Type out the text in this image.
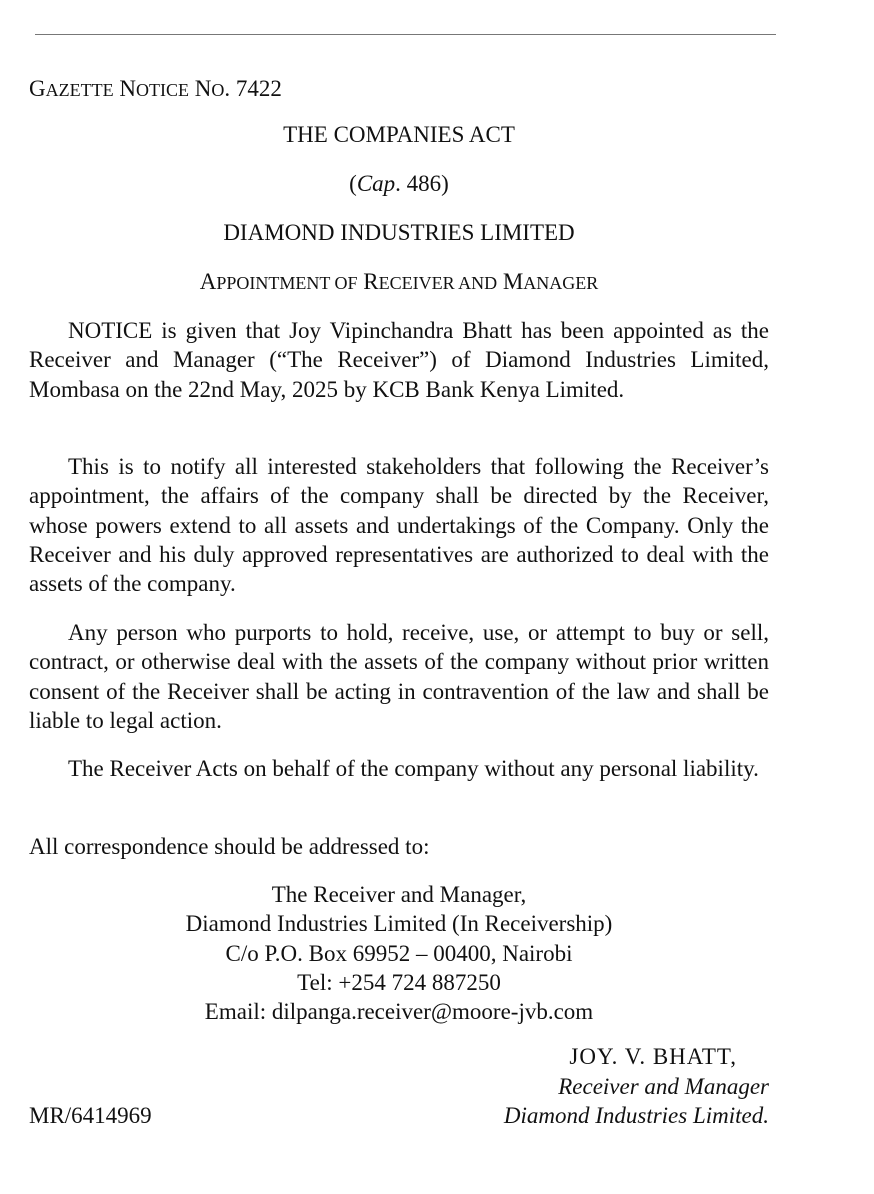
GAZETTE NOTICE NO. 7422
THE COMPANIES ACT
(Cap. 486)
DIAMOND INDUSTRIES LIMITED
APPOINTMENT OF RECEIVER AND MANAGER

NOTICE is given that Joy Vipinchandra Bhatt has been appointed as the Receiver and Manager (“The Receiver”) of Diamond Industries Limited, Mombasa on the 22nd May, 2025 by KCB Bank Kenya Limited.

This is to notify all interested stakeholders that following the Receiver’s appointment, the affairs of the company shall be directed by the Receiver, whose powers extend to all assets and undertakings of the Company. Only the Receiver and his duly approved representatives are authorized to deal with the assets of the company.

Any person who purports to hold, receive, use, or attempt to buy or sell, contract, or otherwise deal with the assets of the company without prior written consent of the Receiver shall be acting in contravention of the law and shall be liable to legal action.

The Receiver Acts on behalf of the company without any personal liability.

All correspondence should be addressed to:

The Receiver and Manager,
Diamond Industries Limited (In Receivership)
C/o P.O. Box 69952 – 00400, Nairobi
Tel: +254 724 887250
Email: dilpanga.receiver@moore-jvb.com
JOY. V. BHATT,
Receiver and Manager
Diamond Industries Limited.
MR/6414969
